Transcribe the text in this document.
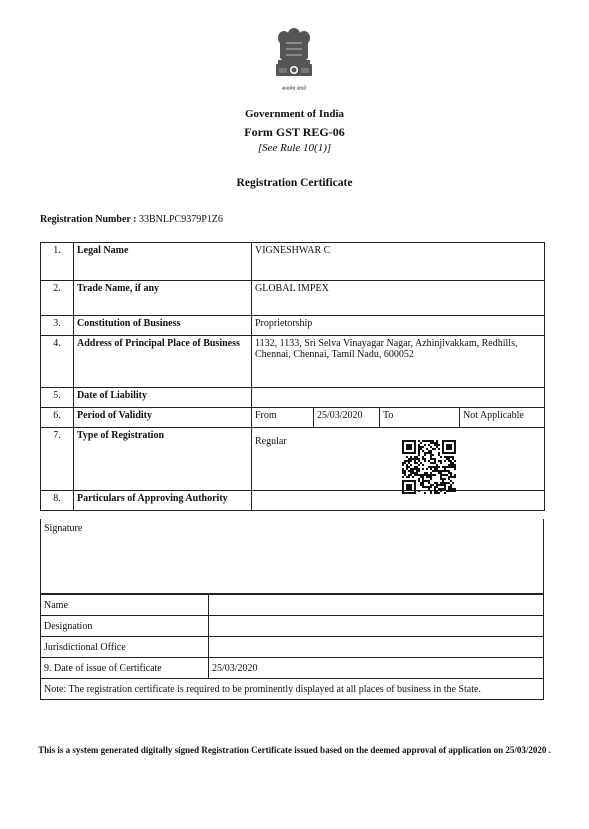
सत्यमेव जयते
Government of India
Form GST REG-06
[See Rule 10(1)]
Registration Certificate
Registration Number : 33BNLPC9379P1Z6
1.	Legal Name	VIGNESHWAR C			
2.	Trade Name, if any	GLOBAL IMPEX			
3.	Constitution of Business	Proprietorship			
4.	Address of Principal Place of Business	1132, 1133, Sri Selva Vinayagar Nagar, Azhinjivakkam, Redhills, Chennai, Chennai, Tamil Nadu, 600052			
5.	Date of Liability				
6.	Period of Validity	From	25/03/2020	To	Not Applicable
7.	Type of Registration	Regular			

8.	Particulars of Approving Authority				
Signature
Name	
Designation	
Jurisdictional Office	
9. Date of issue of Certificate	25/03/2020
Note: The registration certificate is required to be prominently displayed at all places of business in the State.	
This is a system generated digitally signed Registration Certificate issued based on the deemed approval of application on 25/03/2020 .
